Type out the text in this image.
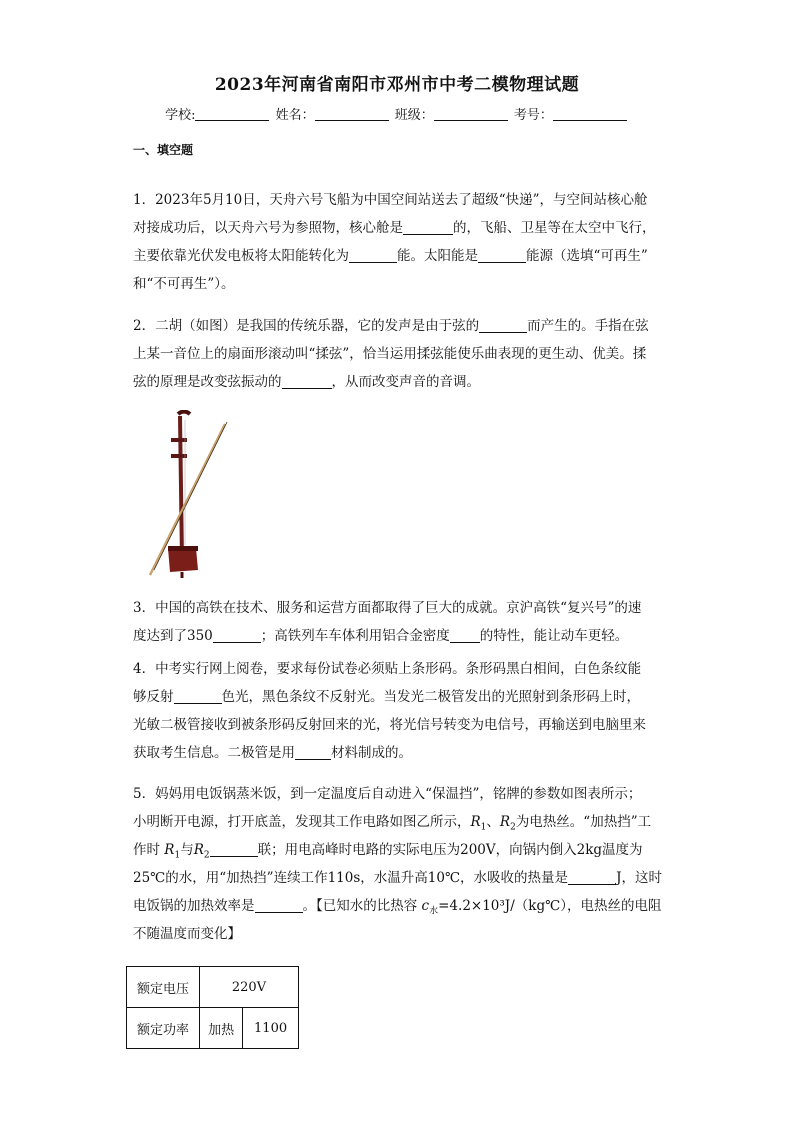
2023年河南省南阳市邓州市中考二模物理试题
学校:	姓名：	班级：	考号：
一、填空题
1．2023年5月10日，天舟六号飞船为中国空间站送去了超级“快递”，与空间站核心舱
对接成功后，以天舟六号为参照物，核心舱是	的，飞船、卫星等在太空中飞行，
主要依靠光伏发电板将太阳能转化为	能。太阳能是	能源（选填“可再生”
和“不可再生”）。
2．二胡（如图）是我国的传统乐器，它的发声是由于弦的	而产生的。手指在弦
上某一音位上的扇面形滚动叫“揉弦”，恰当运用揉弦能使乐曲表现的更生动、优美。揉
弦的原理是改变弦振动的	，从而改变声音的音调。
3．中国的高铁在技术、服务和运营方面都取得了巨大的成就。京沪高铁“复兴号”的速
度达到了350	；高铁列车车体利用铝合金密度 的特性，能让动车更轻。
4．中考实行网上阅卷，要求每份试卷必须贴上条形码。条形码黑白相间，白色条纹能
够反射	色光，黑色条纹不反射光。当发光二极管发出的光照射到条形码上时，
光敏二极管接收到被条形码反射回来的光，将光信号转变为电信号，再输送到电脑里来
获取考生信息。二极管是用	材料制成的。
5．妈妈用电饭锅蒸米饭，到一定温度后自动进入“保温挡”，铭牌的参数如图表所示；
小明断开电源，打开底盖，发现其工作电路如图乙所示，$R_1$、$R_2$为电热丝。“加热挡”工
作时 $R_1$与$R_2$	联；用电高峰时电路的实际电压为200V，向锅内倒入2kg温度为
25℃的水，用“加热挡”连续工作110s，水温升高10℃，水吸收的热量是	J，这时
电饭锅的加热效率是	。【已知水的比热容 $c_水=4.2\times 10^3J/(kg℃)$，电热丝的电阻
不随温度而变化】
额定电压	220V	
额定功率	加热	1100
